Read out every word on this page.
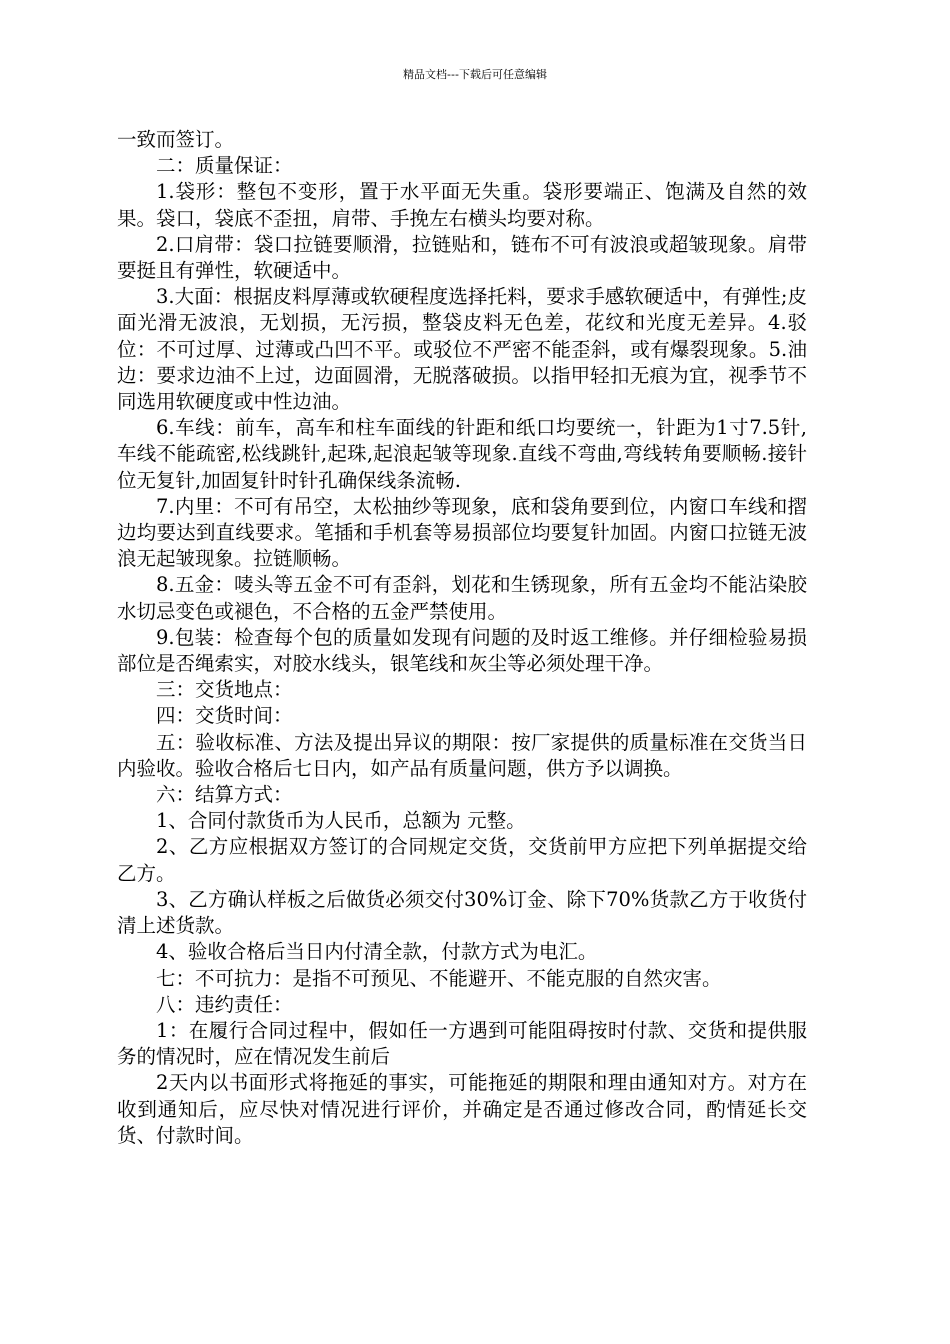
精品文档---下载后可任意编辑

一致而签订。

二：质量保证：

1.袋形：整包不变形，置于水平面无失重。袋形要端正、饱满及自然的效果。袋口，袋底不歪扭，肩带、手挽左右横头均要对称。

2.口肩带：袋口拉链要顺滑，拉链贴和，链布不可有波浪或超皱现象。肩带要挺且有弹性，软硬适中。

3.大面：根据皮料厚薄或软硬程度选择托料，要求手感软硬适中，有弹性;皮面光滑无波浪，无划损，无污损，整袋皮料无色差，花纹和光度无差异。4.驳位：不可过厚、过薄或凸凹不平。或驳位不严密不能歪斜，或有爆裂现象。5.油边：要求边油不上过，边面圆滑，无脱落破损。以指甲轻扣无痕为宜，视季节不同选用软硬度或中性边油。

6.车线：前车，高车和柱车面线的针距和纸口均要统一，针距为1寸7.5针,车线不能疏密,松线跳针,起珠,起浪起皱等现象.直线不弯曲,弯线转角要顺畅.接针位无复针,加固复针时针孔确保线条流畅.

7.内里：不可有吊空，太松抽纱等现象，底和袋角要到位，内窗口车线和摺边均要达到直线要求。笔插和手机套等易损部位均要复针加固。内窗口拉链无波浪无起皱现象。拉链顺畅。

8.五金：唛头等五金不可有歪斜，划花和生锈现象，所有五金均不能沾染胶水切忌变色或褪色，不合格的五金严禁使用。

9.包装：检查每个包的质量如发现有问题的及时返工维修。并仔细检验易损部位是否绳索实，对胶水线头，银笔线和灰尘等必须处理干净。

三：交货地点：

四：交货时间：

五：验收标准、方法及提出异议的期限：按厂家提供的质量标准在交货当日内验收。验收合格后七日内，如产品有质量问题，供方予以调换。

六：结算方式：

1、合同付款货币为人民币，总额为 元整。

2、乙方应根据双方签订的合同规定交货，交货前甲方应把下列单据提交给乙方。

3、乙方确认样板之后做货必须交付30%订金、除下70%货款乙方于收货付清上述货款。

4、验收合格后当日内付清全款，付款方式为电汇。

七：不可抗力：是指不可预见、不能避开、不能克服的自然灾害。

八：违约责任：

1：在履行合同过程中，假如任一方遇到可能阻碍按时付款、交货和提供服务的情况时，应在情况发生前后

2天内以书面形式将拖延的事实，可能拖延的期限和理由通知对方。对方在收到通知后，应尽快对情况进行评价，并确定是否通过修改合同，酌情延长交货、付款时间。
